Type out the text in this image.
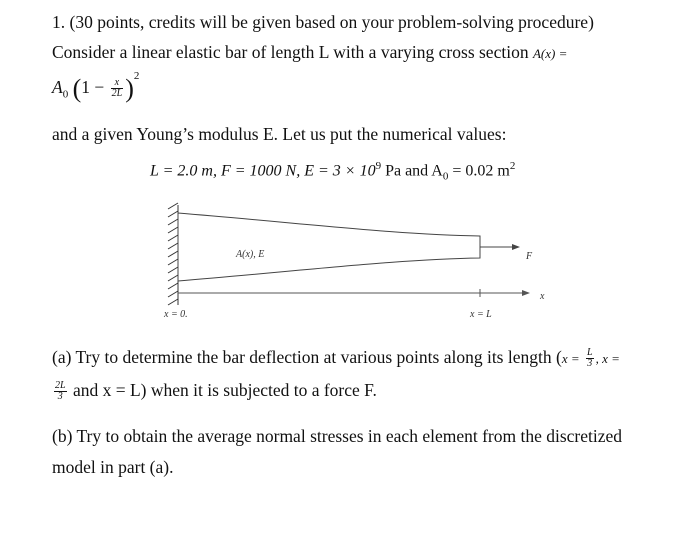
1. (30 points, credits will be given based on your problem-solving procedure)
Consider a linear elastic bar of length L with a varying cross section A(x) =
$A_0$ $(1 - \frac{x}{2L} )^2$
and a given Young’s modulus E. Let us put the numerical values:
L = 2.0 m, F = 1000 N, $E = 3 \times 10^9$ Pa and $A_0 = 0.02$ $m^2$
F
x
A(x), E
x = 0.	x = L
(a) Try to determine the bar deflection at various points along its length ($x = \frac{L}{3}$ , x =
$\frac{2L}{3}$ and x = L) when it is subjected to a force F.
(b) Try to obtain the average normal stresses in each element from the discretized
model in part (a).
